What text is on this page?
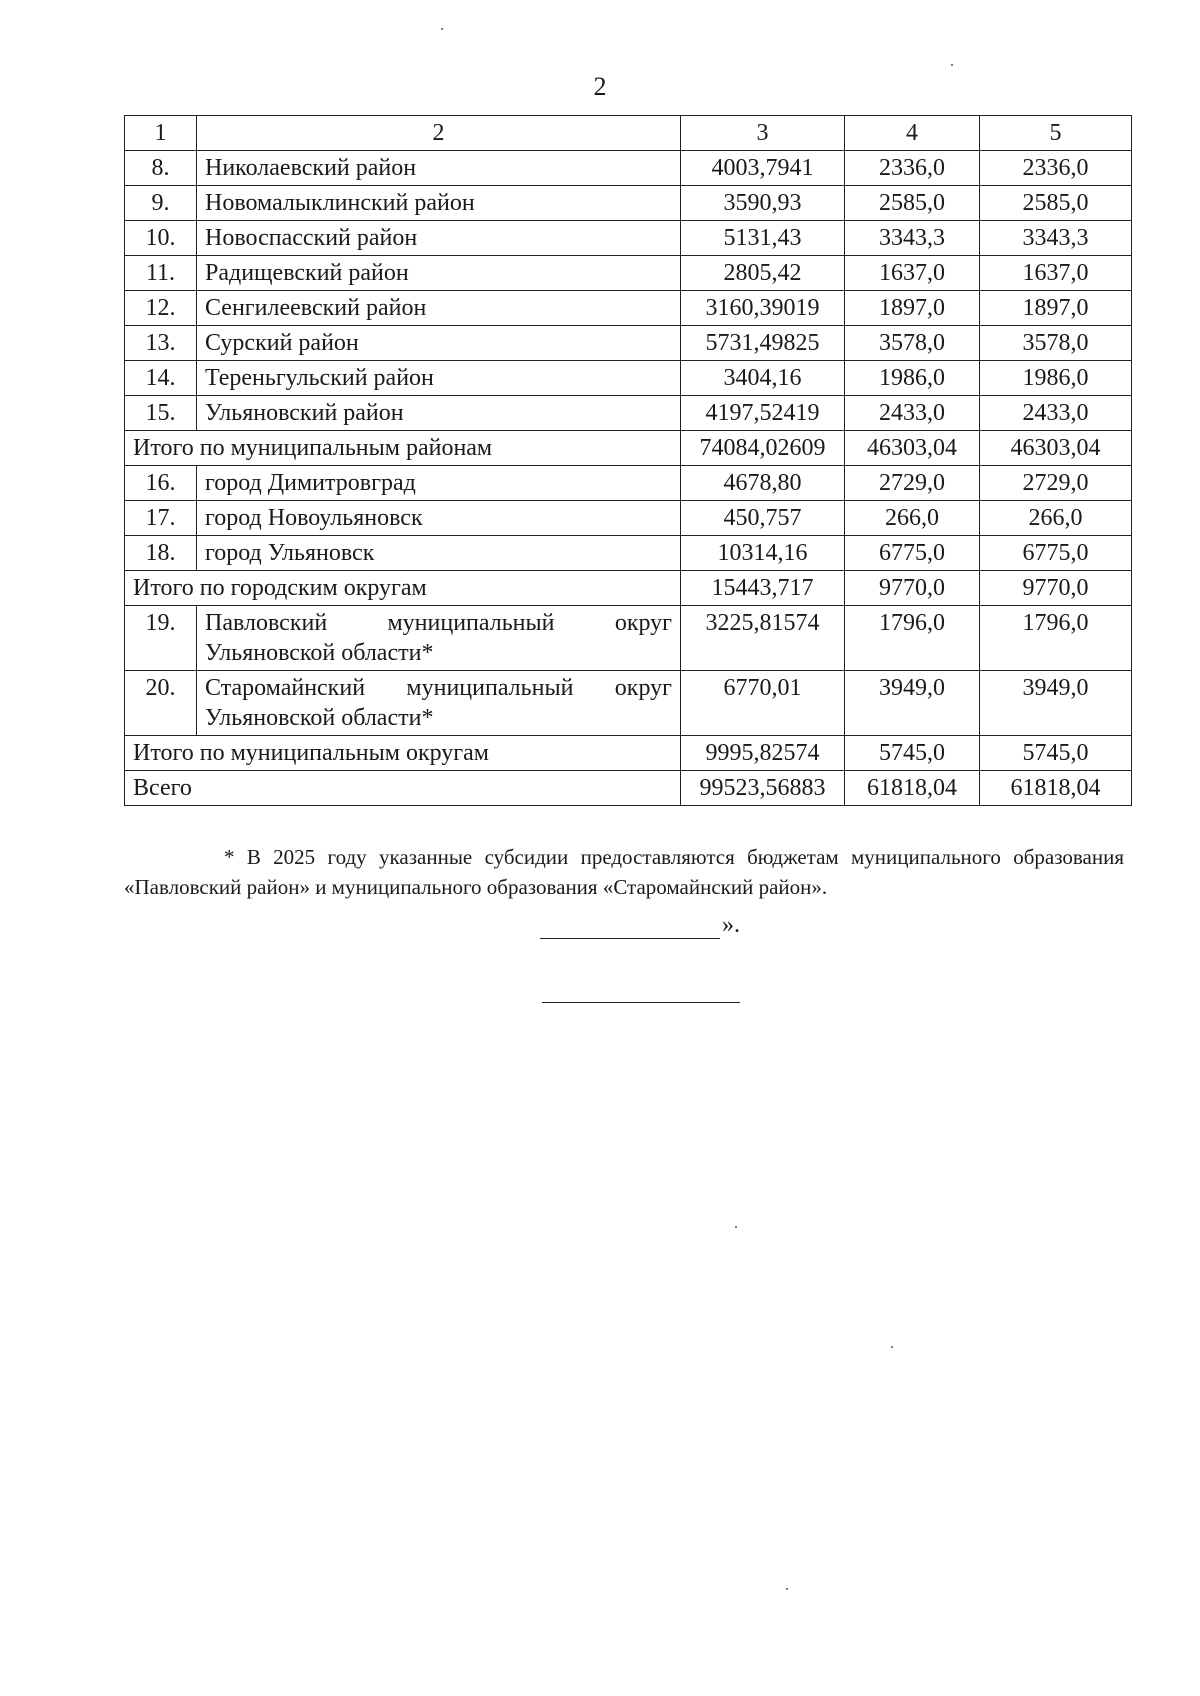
2
1	2	3	4	5
8.	Николаевский район	4003,7941	2336,0	2336,0
9.	Новомалыклинский район	3590,93	2585,0	2585,0
10.	Новоспасский район	5131,43	3343,3	3343,3
11.	Радищевский район	2805,42	1637,0	1637,0
12.	Сенгилеевский район	3160,39019	1897,0	1897,0
13.	Сурский район	5731,49825	3578,0	3578,0
14.	Тереньгульский район	3404,16	1986,0	1986,0
15.	Ульяновский район	4197,52419	2433,0	2433,0
Итого по муниципальным районам		74084,02609	46303,04	46303,04
16.	город Димитровград	4678,80	2729,0	2729,0
17.	город Новоульяновск	450,757	266,0	266,0
18.	город Ульяновск	10314,16	6775,0	6775,0
Итого по городским округам		15443,717	9770,0	9770,0
19.	Павловский муниципальный округ Ульяновской области*	3225,81574	1796,0	1796,0
20.	Старомайнский муниципальный округ Ульяновской области*	6770,01	3949,0	3949,0
Итого по муниципальным округам		9995,82574	5745,0	5745,0
Всего		99523,56883	61818,04	61818,04

* В 2025 году указанные субсидии предоставляются бюджетам муниципального образования «Павловский район» и муниципального образования «Старомайнский район».

».
